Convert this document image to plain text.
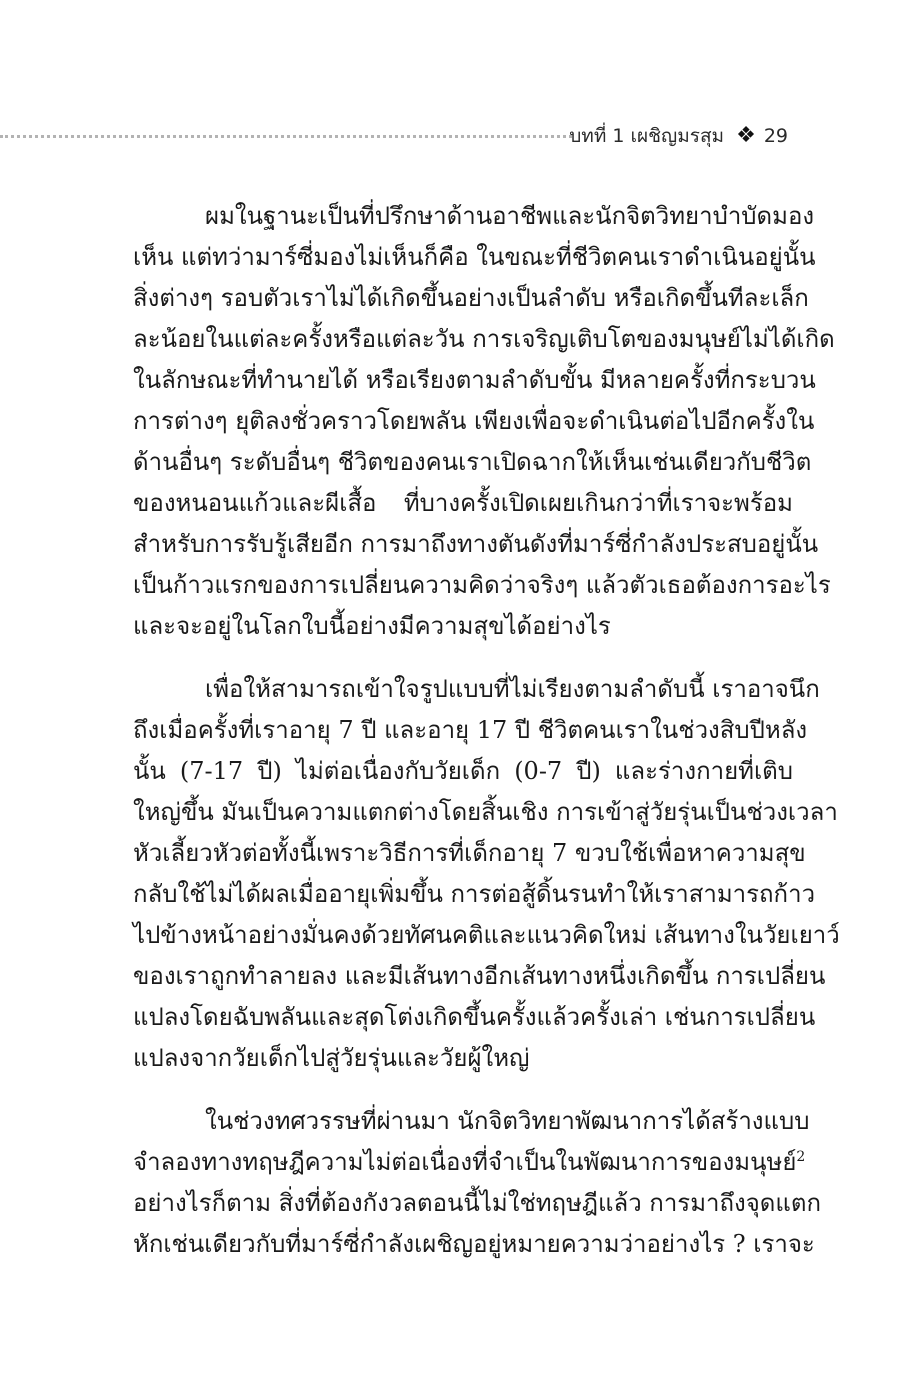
บทที่ 1 เผชิญมรสุม ❖ 29
ผมในฐานะเป็นที่ปรึกษาด้านอาชีพและนักจิตวิทยาบำบัดมอง
เห็น แต่ทว่ามาร์ซี่มองไม่เห็นก็คือ ในขณะที่ชีวิตคนเราดำเนินอยู่นั้น
สิ่งต่างๆ รอบตัวเราไม่ได้เกิดขึ้นอย่างเป็นลำดับ หรือเกิดขึ้นทีละเล็ก
ละน้อยในแต่ละครั้งหรือแต่ละวัน การเจริญเติบโตของมนุษย์ไม่ได้เกิด
ในลักษณะที่ทำนายได้ หรือเรียงตามลำดับขั้น มีหลายครั้งที่กระบวน
การต่างๆ ยุติลงชั่วคราวโดยพลัน เพียงเพื่อจะดำเนินต่อไปอีกครั้งใน
ด้านอื่นๆ ระดับอื่นๆ ชีวิตของคนเราเปิดฉากให้เห็นเช่นเดียวกับชีวิต
ของหนอนแก้วและผีเสื้อ ที่บางครั้งเปิดเผยเกินกว่าที่เราจะพร้อม
สำหรับการรับรู้เสียอีก การมาถึงทางตันดังที่มาร์ซี่กำลังประสบอยู่นั้น
เป็นก้าวแรกของการเปลี่ยนความคิดว่าจริงๆ แล้วตัวเธอต้องการอะไร
และจะอยู่ในโลกใบนี้อย่างมีความสุขได้อย่างไร
เพื่อให้สามารถเข้าใจรูปแบบที่ไม่เรียงตามลำดับนี้ เราอาจนึก
ถึงเมื่อครั้งที่เราอายุ 7 ปี และอายุ 17 ปี ชีวิตคนเราในช่วงสิบปีหลัง
นั้น (7-17 ปี) ไม่ต่อเนื่องกับวัยเด็ก (0-7 ปี) และร่างกายที่เติบ
ใหญ่ขึ้น มันเป็นความแตกต่างโดยสิ้นเชิง การเข้าสู่วัยรุ่นเป็นช่วงเวลา
หัวเลี้ยวหัวต่อทั้งนี้เพราะวิธีการที่เด็กอายุ 7 ขวบใช้เพื่อหาความสุข
กลับใช้ไม่ได้ผลเมื่ออายุเพิ่มขึ้น การต่อสู้ดิ้นรนทำให้เราสามารถก้าว
ไปข้างหน้าอย่างมั่นคงด้วยทัศนคติและแนวคิดใหม่ เส้นทางในวัยเยาว์
ของเราถูกทำลายลง และมีเส้นทางอีกเส้นทางหนึ่งเกิดขึ้น การเปลี่ยน
แปลงโดยฉับพลันและสุดโต่งเกิดขึ้นครั้งแล้วครั้งเล่า เช่นการเปลี่ยน
แปลงจากวัยเด็กไปสู่วัยรุ่นและวัยผู้ใหญ่
ในช่วงทศวรรษที่ผ่านมา นักจิตวิทยาพัฒนาการได้สร้างแบบ
จำลองทางทฤษฎีความไม่ต่อเนื่องที่จำเป็นในพัฒนาการของมนุษย์$^2$
อย่างไรก็ตาม สิ่งที่ต้องกังวลตอนนี้ไม่ใช่ทฤษฎีแล้ว การมาถึงจุดแตก
หักเช่นเดียวกับที่มาร์ซี่กำลังเผชิญอยู่หมายความว่าอย่างไร ? เราจะ
